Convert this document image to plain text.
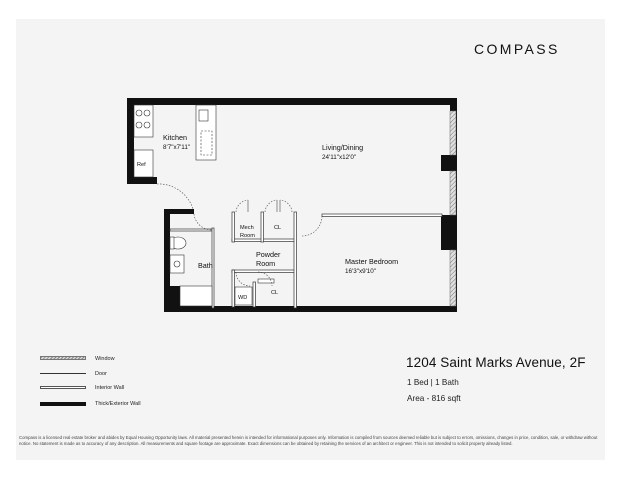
COMPASS
Kitchen
8'7"x7'11"	Living/Dining
24'11"x12'0"
Master Bedroom
16'3"x9'10"
Bath
Powder
Room
Mech
Room
CL
Ref
WD
CL
Window
Door
Interior Wall
Thick/Exterior Wall
1204 Saint Marks Avenue, 2F
1 Bed | 1 Bath
Area - 816 sqft
Compass is a licensed real estate broker and abides by Equal Housing Opportunity laws. All material presented herein is intended for informational purposes only. Information is compiled from sources deemed reliable but is subject to errors, omissions, changes in price, condition, sale, or withdraw without notice. No statement is made as to accuracy of any description. All measurements and square footage are approximate. Exact dimensions can be obtained by retaining the services of an architect or engineer. This is not intended to solicit property already listed.
